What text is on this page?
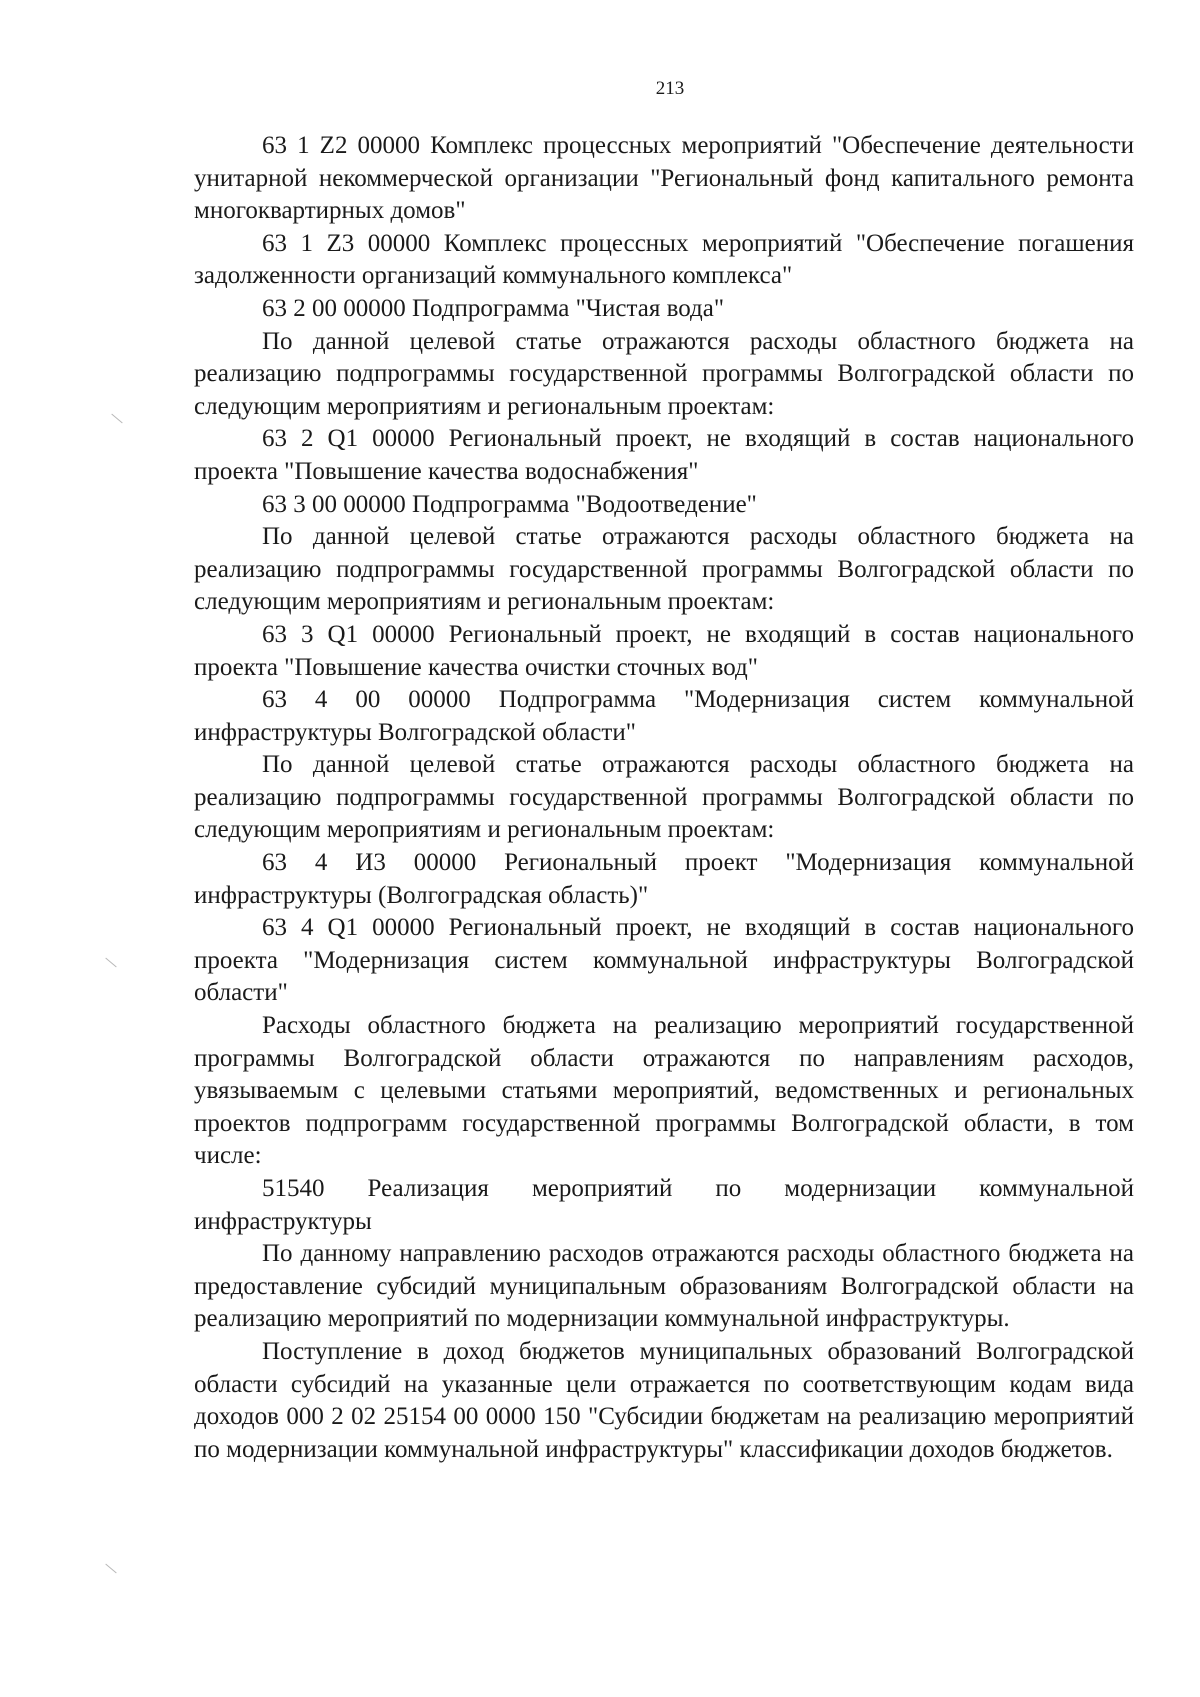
213

63 1 Z2 00000 Комплекс процессных мероприятий "Обеспечение деятельности унитарной некоммерческой организации "Региональный фонд капитального ремонта многоквартирных домов"

63 1 Z3 00000 Комплекс процессных мероприятий "Обеспечение погашения задолженности организаций коммунального комплекса"

63 2 00 00000 Подпрограмма "Чистая вода"

По данной целевой статье отражаются расходы областного бюджета на реализацию подпрограммы государственной программы Волгоградской области по следующим мероприятиям и региональным проектам:

63 2 Q1 00000 Региональный проект, не входящий в состав национального проекта "Повышение качества водоснабжения"

63 3 00 00000 Подпрограмма "Водоотведение"

По данной целевой статье отражаются расходы областного бюджета на реализацию подпрограммы государственной программы Волгоградской области по следующим мероприятиям и региональным проектам:

63 3 Q1 00000 Региональный проект, не входящий в состав национального проекта "Повышение качества очистки сточных вод"

63 4 00 00000 Подпрограмма "Модернизация систем коммунальной инфраструктуры Волгоградской области"

По данной целевой статье отражаются расходы областного бюджета на реализацию подпрограммы государственной программы Волгоградской области по следующим мероприятиям и региональным проектам:

63 4 И3 00000 Региональный проект "Модернизация коммунальной инфраструктуры (Волгоградская область)"

63 4 Q1 00000 Региональный проект, не входящий в состав национального проекта "Модернизация систем коммунальной инфраструктуры Волгоградской области"

Расходы областного бюджета на реализацию мероприятий государственной программы Волгоградской области отражаются по направлениям расходов, увязываемым с целевыми статьями мероприятий, ведомственных и региональных проектов подпрограмм государственной программы Волгоградской области, в том числе:

51540 Реализация мероприятий по модернизации коммунальной инфраструктуры

По данному направлению расходов отражаются расходы областного бюджета на предоставление субсидий муниципальным образованиям Волгоградской области на реализацию мероприятий по модернизации коммунальной инфраструктуры.

Поступление в доход бюджетов муниципальных образований Волгоградской области субсидий на указанные цели отражается по соответствующим кодам вида доходов 000 2 02 25154 00 0000 150 "Субсидии бюджетам на реализацию мероприятий по модернизации коммунальной инфраструктуры" классификации доходов бюджетов.
